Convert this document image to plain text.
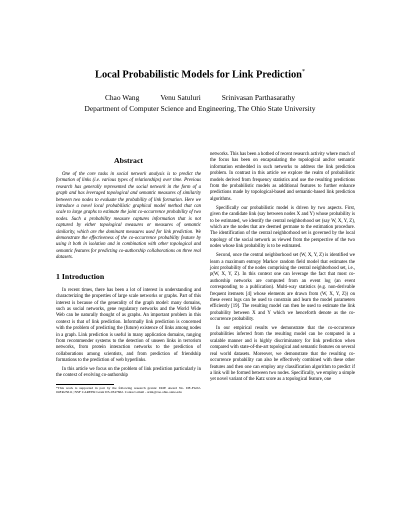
Local Probabilistic Models for Link Prediction*
Chao Wang	Venu Satuluri	Srinivasan Parthasarathy
Department of Computer Science and Engineering, The Ohio State University
Abstract

One of the core tasks in social network analysis is to predict the formation of links (i.e. various types of relationships) over time. Previous research has generally represented the social network in the form of a graph and has leveraged topological and semantic measures of similarity between two nodes to evaluate the probability of link formation. Here we introduce a novel local probabilistic graphical model method that can scale to large graphs to estimate the joint co-occurrence probability of two nodes. Such a probability measure captures information that is not captured by either topological measures or measures of semantic similarity, which are the dominant measures used for link prediction. We demonstrate the effectiveness of the co-occurrence probability feature by using it both in isolation and in combination with other topological and semantic features for predicting co-authorship collaborations on three real datasets.

1 Introduction

In recent times, there has been a lot of interest in understanding and characterizing the properties of large scale networks or graphs. Part of this interest is because of the generality of the graph model: many domains, such as social networks, gene regulatory networks and the World Wide Web can be naturally thought of as graphs. An important problem in this context is that of link prediction. Informally link prediction is concerned with the problem of predicting the (future) existence of links among nodes in a graph. Link prediction is useful in many application domains, ranging from recommender systems to the detection of unseen links in terrorism networks, from protein interaction networks to the prediction of collaborations among scientists, and from prediction of friendship formations to the prediction of web hyperlinks.

In this article we focus on the problem of link prediction particularly in the context of evolving co-authorship

*This work is supported in part by the following research grants: DOE Award No. DE-FG02-04ER25611; NSF CAREER Grant IIS-0347662. Contact email - srini@cse.ohio-state.edu

networks. This has been a hotbed of recent research activity where much of the focus has been on encapsulating the topological and/or semantic information embedded in such networks to address the link prediction problem. In contrast in this article we explore the realm of probabilistic models derived from frequency statistics and use the resulting predictions from the probabilistic models as additional features to further enhance predictions made by topological-based and semantic-based link prediction algorithms.

Specifically our probabilistic model is driven by two aspects. First, given the candidate link (say between nodes X and Y) whose probability is to be estimated, we identify the central neighborhood set (say W, X, Y, Z), which are the nodes that are deemed germane to the estimation procedure. The identification of the central neighborhood set is governed by the local topology of the social network as viewed from the perspective of the two nodes whose link probability is to be estimated.

Second, once the central neighborhood set (W, X, Y, Z) is identified we learn a maximum entropy Markov random field model that estimates the joint probability of the nodes comprising the central neighborhood set, i.e., p(W, X, Y, Z). In this context one can leverage the fact that most co-authorship networks are computed from an event log (an event corresponding to a publication). Multi-way statistics (e.g. non-derivable frequent itemsets [4] whose elements are drawn from (W, X, Y, Z)) on these event logs can be used to constrain and learn the model parameters efficiently [19]. The resulting model can then be used to estimate the link probability between X and Y which we henceforth denote as the co-occurrence probability.

In our empirical results we demonstrate that the co-occurrence probabilities inferred from the resulting model can be computed in a scalable manner and is highly discriminatory for link prediction when compared with state-of-the-art topological and semantic features on several real world datasets. Moreover, we demonstrate that the resulting co-occurrence probability can also be effectively combined with these other features and then one can employ any classification algorithm to predict if a link will be formed between two nodes. Specifically, we employ a simple yet novel variant of the Katz score as a topological feature, one
